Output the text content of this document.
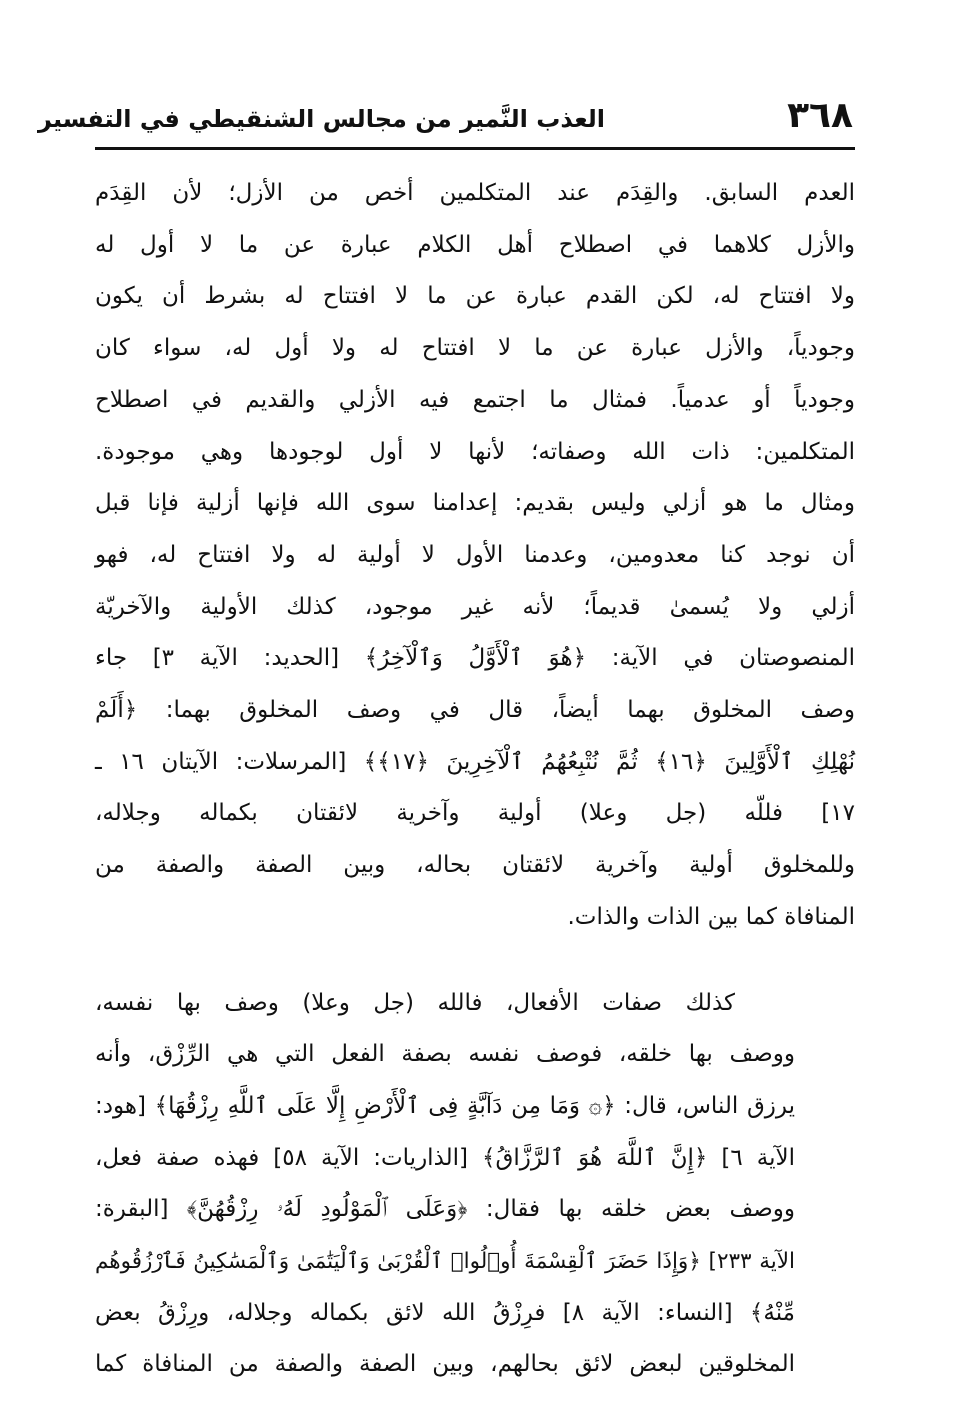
٣٦٨
العذب النَّمير من مجالس الشنقيطي في التفسير
العدم السابق. والقِدَم عند المتكلمين أخص من الأزل؛ لأن القِدَم
والأزل كلاهما في اصطلاح أهل الكلام عبارة عن ما لا أول له
ولا افتتاح له، لكن القدم عبارة عن ما لا افتتاح له بشرط أن يكون
وجودياً، والأزل عبارة عن ما لا افتتاح له ولا أول له، سواء كان
وجودياً أو عدمياً. فمثال ما اجتمع فيه الأزلي والقديم في اصطلاح
المتكلمين: ذات الله وصفاته؛ لأنها لا أول لوجودها وهي موجودة.
ومثال ما هو أزلي وليس بقديم: إعدامنا سوى الله فإنها أزلية فإنا قبل
أن نوجد كنا معدومين، وعدمنا الأول لا أولية له ولا افتتاح له، فهو
أزلي ولا يُسمىٰ قديماً؛ لأنه غير موجود، كذلك الأولية والآخريّة
المنصوصتان في الآية: ﴿هُوَ ٱلْأَوَّلُ وَٱلْآخِرُ﴾ [الحديد: الآية ٣] جاء
وصف المخلوق بهما أيضاً، قال في وصف المخلوق بهما: ﴿أَلَمْ
نُهْلِكِ ٱلْأَوَّلِينَ ﴿١٦﴾ ثُمَّ نُتْبِعُهُمُ ٱلْآخِرِينَ ﴿١٧﴾﴾ [المرسلات: الآيتان ١٦ ـ
١٧] فللّه (جل وعلا) أولية وآخرية لائقتان بكماله وجلاله،
وللمخلوق أولية وآخرية لائقتان بحاله، وبين الصفة والصفة من
المنافاة كما بين الذات والذات.
كذلك صفات الأفعال، فالله (جل وعلا) وصف بها نفسه،
ووصف بها خلقه، فوصف نفسه بصفة الفعل التي هي الرِّزْق، وأنه
يرزق الناس، قال: ﴿۞ وَمَا مِن دَآبَّةٍ فِى ٱلْأَرْضِ إِلَّا عَلَى ٱللَّهِ رِزْقُهَا﴾ [هود:
الآية ٦] ﴿إِنَّ ٱللَّهَ هُوَ ٱلرَّزَّاقُ﴾ [الذاريات: الآية ٥٨] فهذه صفة فعل،
ووصف بعض خلقه بها فقال: ﴿وَعَلَى ٱلْمَوْلُودِ لَهُۥ رِزْقُهُنَّ﴾ [البقرة:
الآية ٢٣٣] ﴿وَإِذَا حَضَرَ ٱلْقِسْمَةَ أُو۟لُوا۟ ٱلْقُرْبَىٰ وَٱلْيَتَٰمَىٰ وَٱلْمَسَٰكِينُ فَٱرْزُقُوهُم
مِّنْهُ﴾ [النساء: الآية ٨] فرِزْقُ الله لائق بكماله وجلاله، ورِزْقُ بعض
المخلوقين لبعض لائق بحالهم، وبين الصفة والصفة من المنافاة كما
